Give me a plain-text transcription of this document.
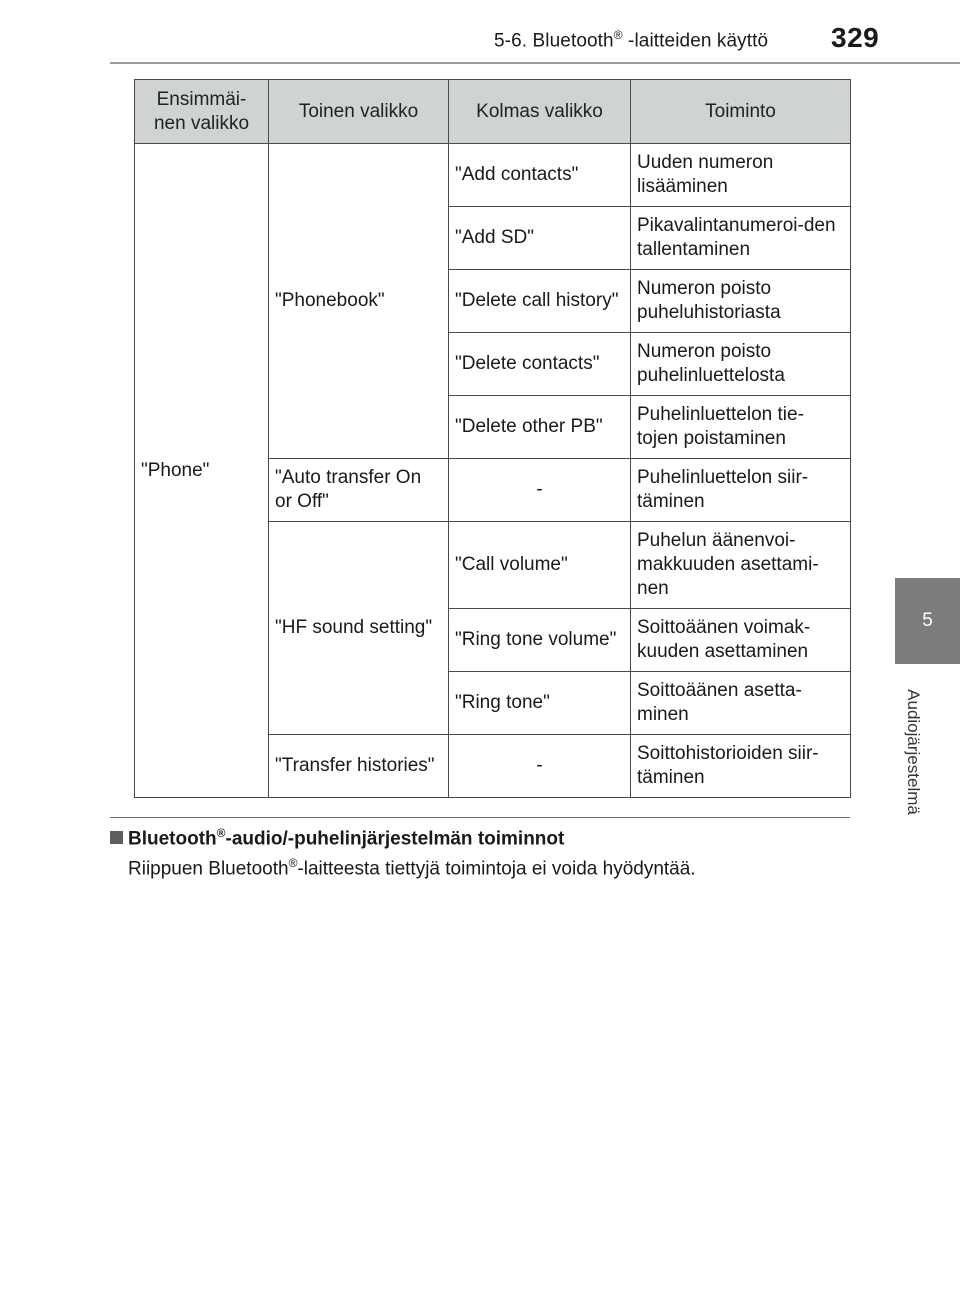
5-6. Bluetooth® -laitteiden käyttö 329
5
Audiojärjestelmä
Ensimmäi-nen valikko	Toinen valikko	Kolmas valikko	Toiminto
"Phone"	"Phonebook"	"Add contacts"	Uuden numeron lisääminen
		"Add SD"	Pikavalintanumeroi-den tallentaminen
		"Delete call history"	Numeron poisto puheluhistoriasta
		"Delete contacts"	Numeron poisto puhelinluettelosta
		"Delete other PB"	Puhelinluettelon tie-tojen poistaminen
	"Auto transfer On or Off"	-	Puhelinluettelon siir-täminen
	"HF sound setting"	"Call volume"	Puhelun äänenvoi-makkuuden asettami-nen
		"Ring tone volume"	Soittoäänen voimak-kuuden asettaminen
		"Ring tone"	Soittoäänen asetta-minen
	"Transfer histories"	-	Soittohistorioiden siir-täminen
Bluetooth®-audio/-puhelinjärjestelmän toiminnot
Riippuen Bluetooth®-laitteesta tiettyjä toimintoja ei voida hyödyntää.
